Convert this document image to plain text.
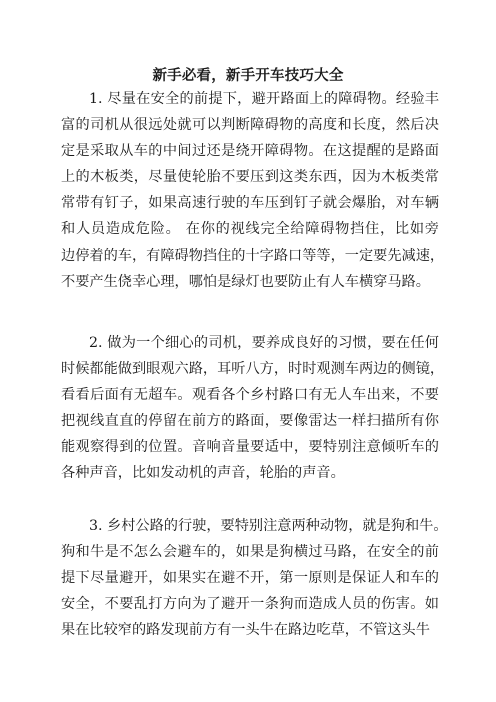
新手必看，新手开车技巧大全
1. 尽量在安全的前提下，避开路面上的障碍物。经验丰
富的司机从很远处就可以判断障碍物的高度和长度，然后决
定是采取从车的中间过还是绕开障碍物。在这提醒的是路面
上的木板类，尽量使轮胎不要压到这类东西，因为木板类常
常带有钉子，如果高速行驶的车压到钉子就会爆胎，对车辆
和人员造成危险。 在你的视线完全给障碍物挡住，比如旁
边停着的车，有障碍物挡住的十字路口等等，一定要先减速，
不要产生侥幸心理，哪怕是绿灯也要防止有人车横穿马路。
2. 做为一个细心的司机，要养成良好的习惯，要在任何
时候都能做到眼观六路，耳听八方，时时观测车两边的侧镜，
看看后面有无超车。观看各个乡村路口有无人车出来，不要
把视线直直的停留在前方的路面，要像雷达一样扫描所有你
能观察得到的位置。音响音量要适中，要特别注意倾听车的
各种声音，比如发动机的声音，轮胎的声音。
3. 乡村公路的行驶，要特别注意两种动物，就是狗和牛。
狗和牛是不怎么会避车的，如果是狗横过马路，在安全的前
提下尽量避开，如果实在避不开，第一原则是保证人和车的
安全，不要乱打方向为了避开一条狗而造成人员的伤害。如
果在比较窄的路发现前方有一头牛在路边吃草，不管这头牛
